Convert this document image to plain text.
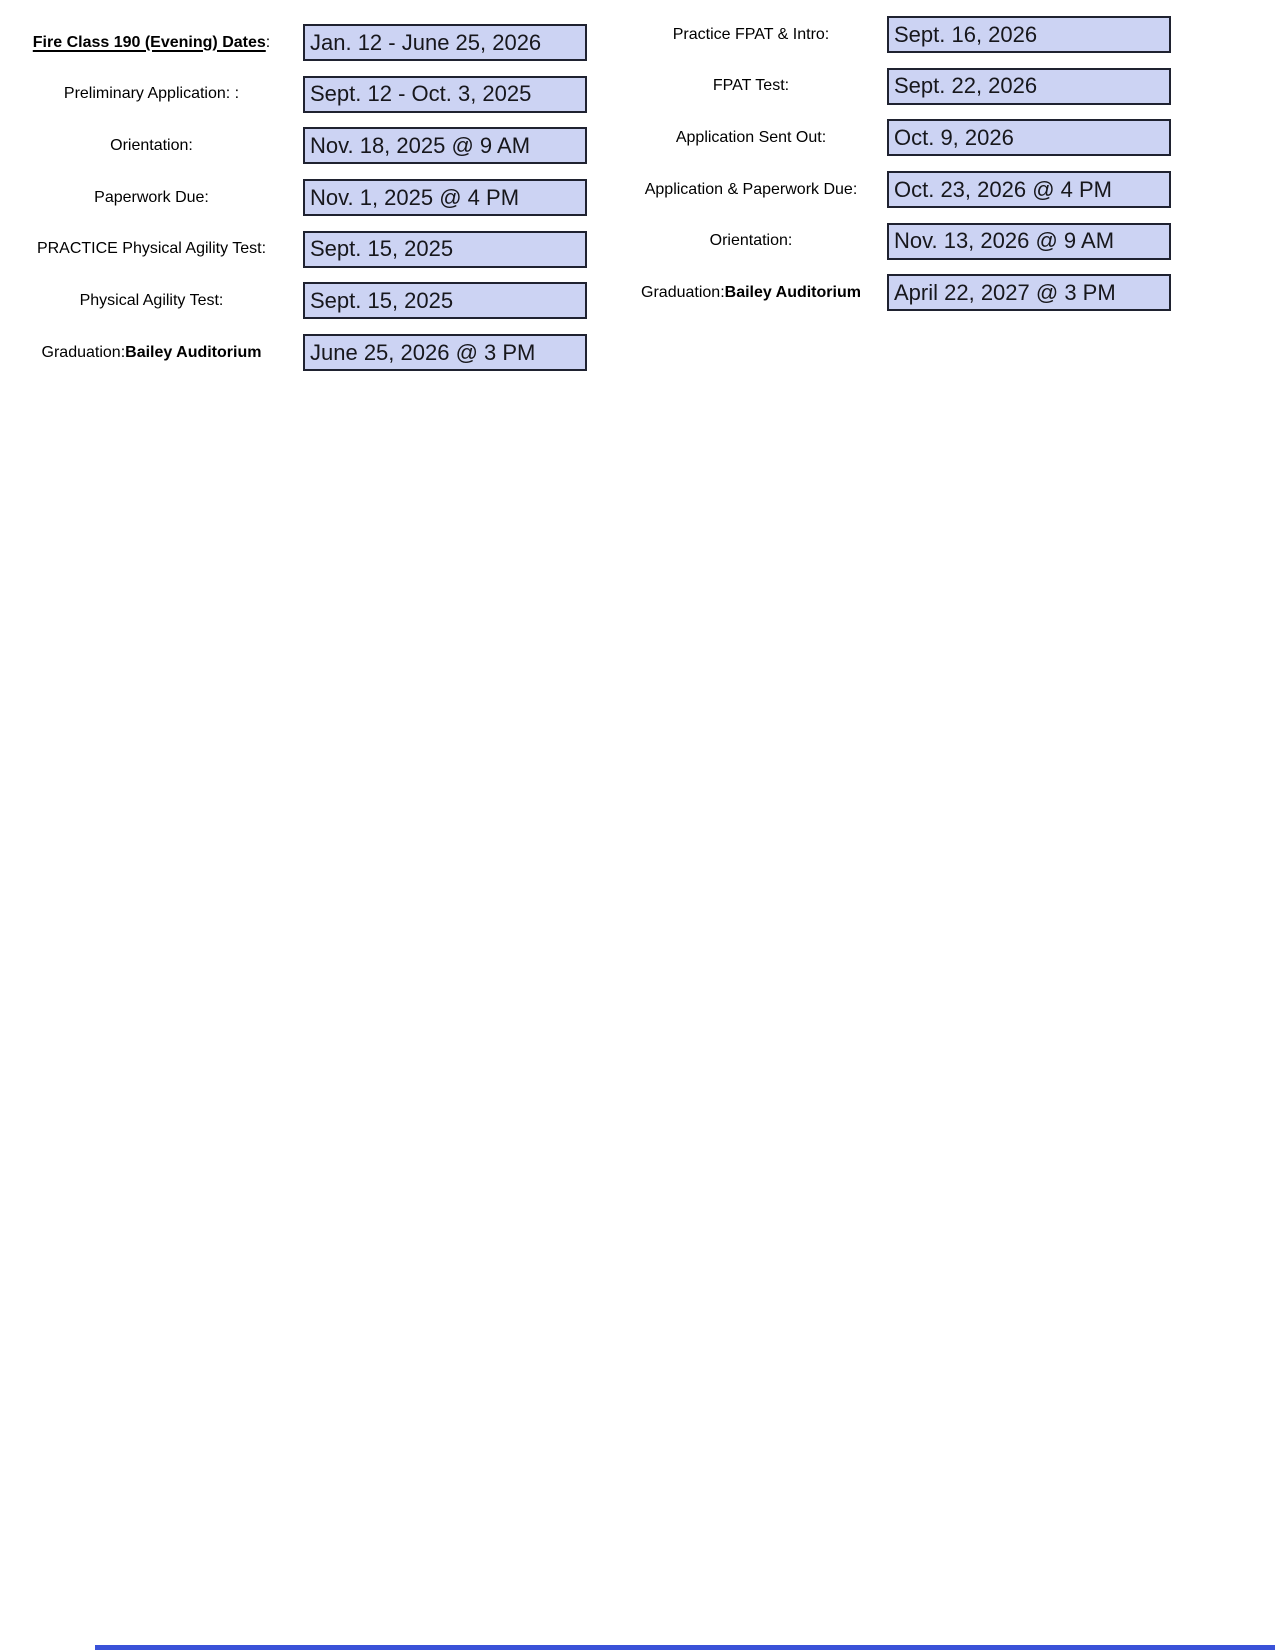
Fire Class 190 (Evening) Dates :	Jan. 12 - June 25, 2026
Preliminary Application: :	Sept. 12 - Oct. 3, 2025
Orientation:	Nov. 18, 2025 @ 9 AM
Paperwork Due:	Nov. 1, 2025 @ 4 PM
PRACTICE Physical Agility Test:	Sept. 15, 2025
Physical Agility Test:	Sept. 15, 2025
Graduation: Bailey Auditorium	June 25, 2026 @ 3 PM
Practice FPAT & Intro:	Sept. 16, 2026
FPAT Test:	Sept. 22, 2026
Application Sent Out:	Oct. 9, 2026
Application & Paperwork Due:	Oct. 23, 2026 @ 4 PM
Orientation:	Nov. 13, 2026 @ 9 AM
Graduation: Bailey Auditorium	April 22, 2027 @ 3 PM
